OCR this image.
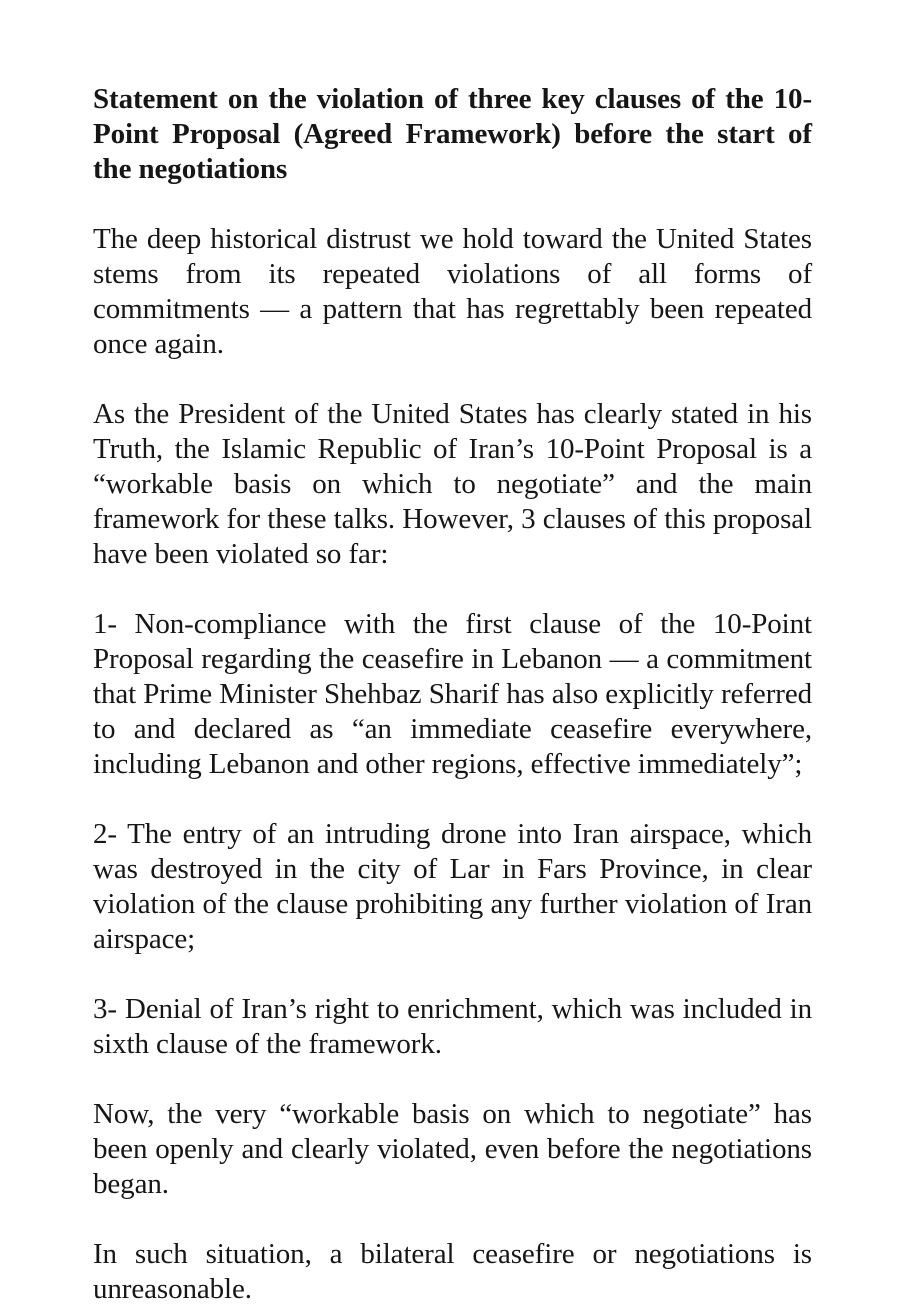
Statement on the violation of three key clauses of the 10-Point Proposal (Agreed Framework) before the start of the negotiations

The deep historical distrust we hold toward the United States stems from its repeated violations of all forms of commitments — a pattern that has regrettably been repeated once again.

As the President of the United States has clearly stated in his Truth, the Islamic Republic of Iran’s 10-Point Proposal is a “workable basis on which to negotiate” and the main framework for these talks. However, 3 clauses of this proposal have been violated so far:

1- Non-compliance with the first clause of the 10-Point Proposal regarding the ceasefire in Lebanon — a commitment that Prime Minister Shehbaz Sharif has also explicitly referred to and declared as “an immediate ceasefire everywhere, including Lebanon and other regions, effective immediately”;

2- The entry of an intruding drone into Iran airspace, which was destroyed in the city of Lar in Fars Province, in clear violation of the clause prohibiting any further violation of Iran airspace;

3- Denial of Iran’s right to enrichment, which was included in sixth clause of the framework.

Now, the very “workable basis on which to negotiate” has been openly and clearly violated, even before the negotiations began.

In such situation, a bilateral ceasefire or negotiations is unreasonable.
